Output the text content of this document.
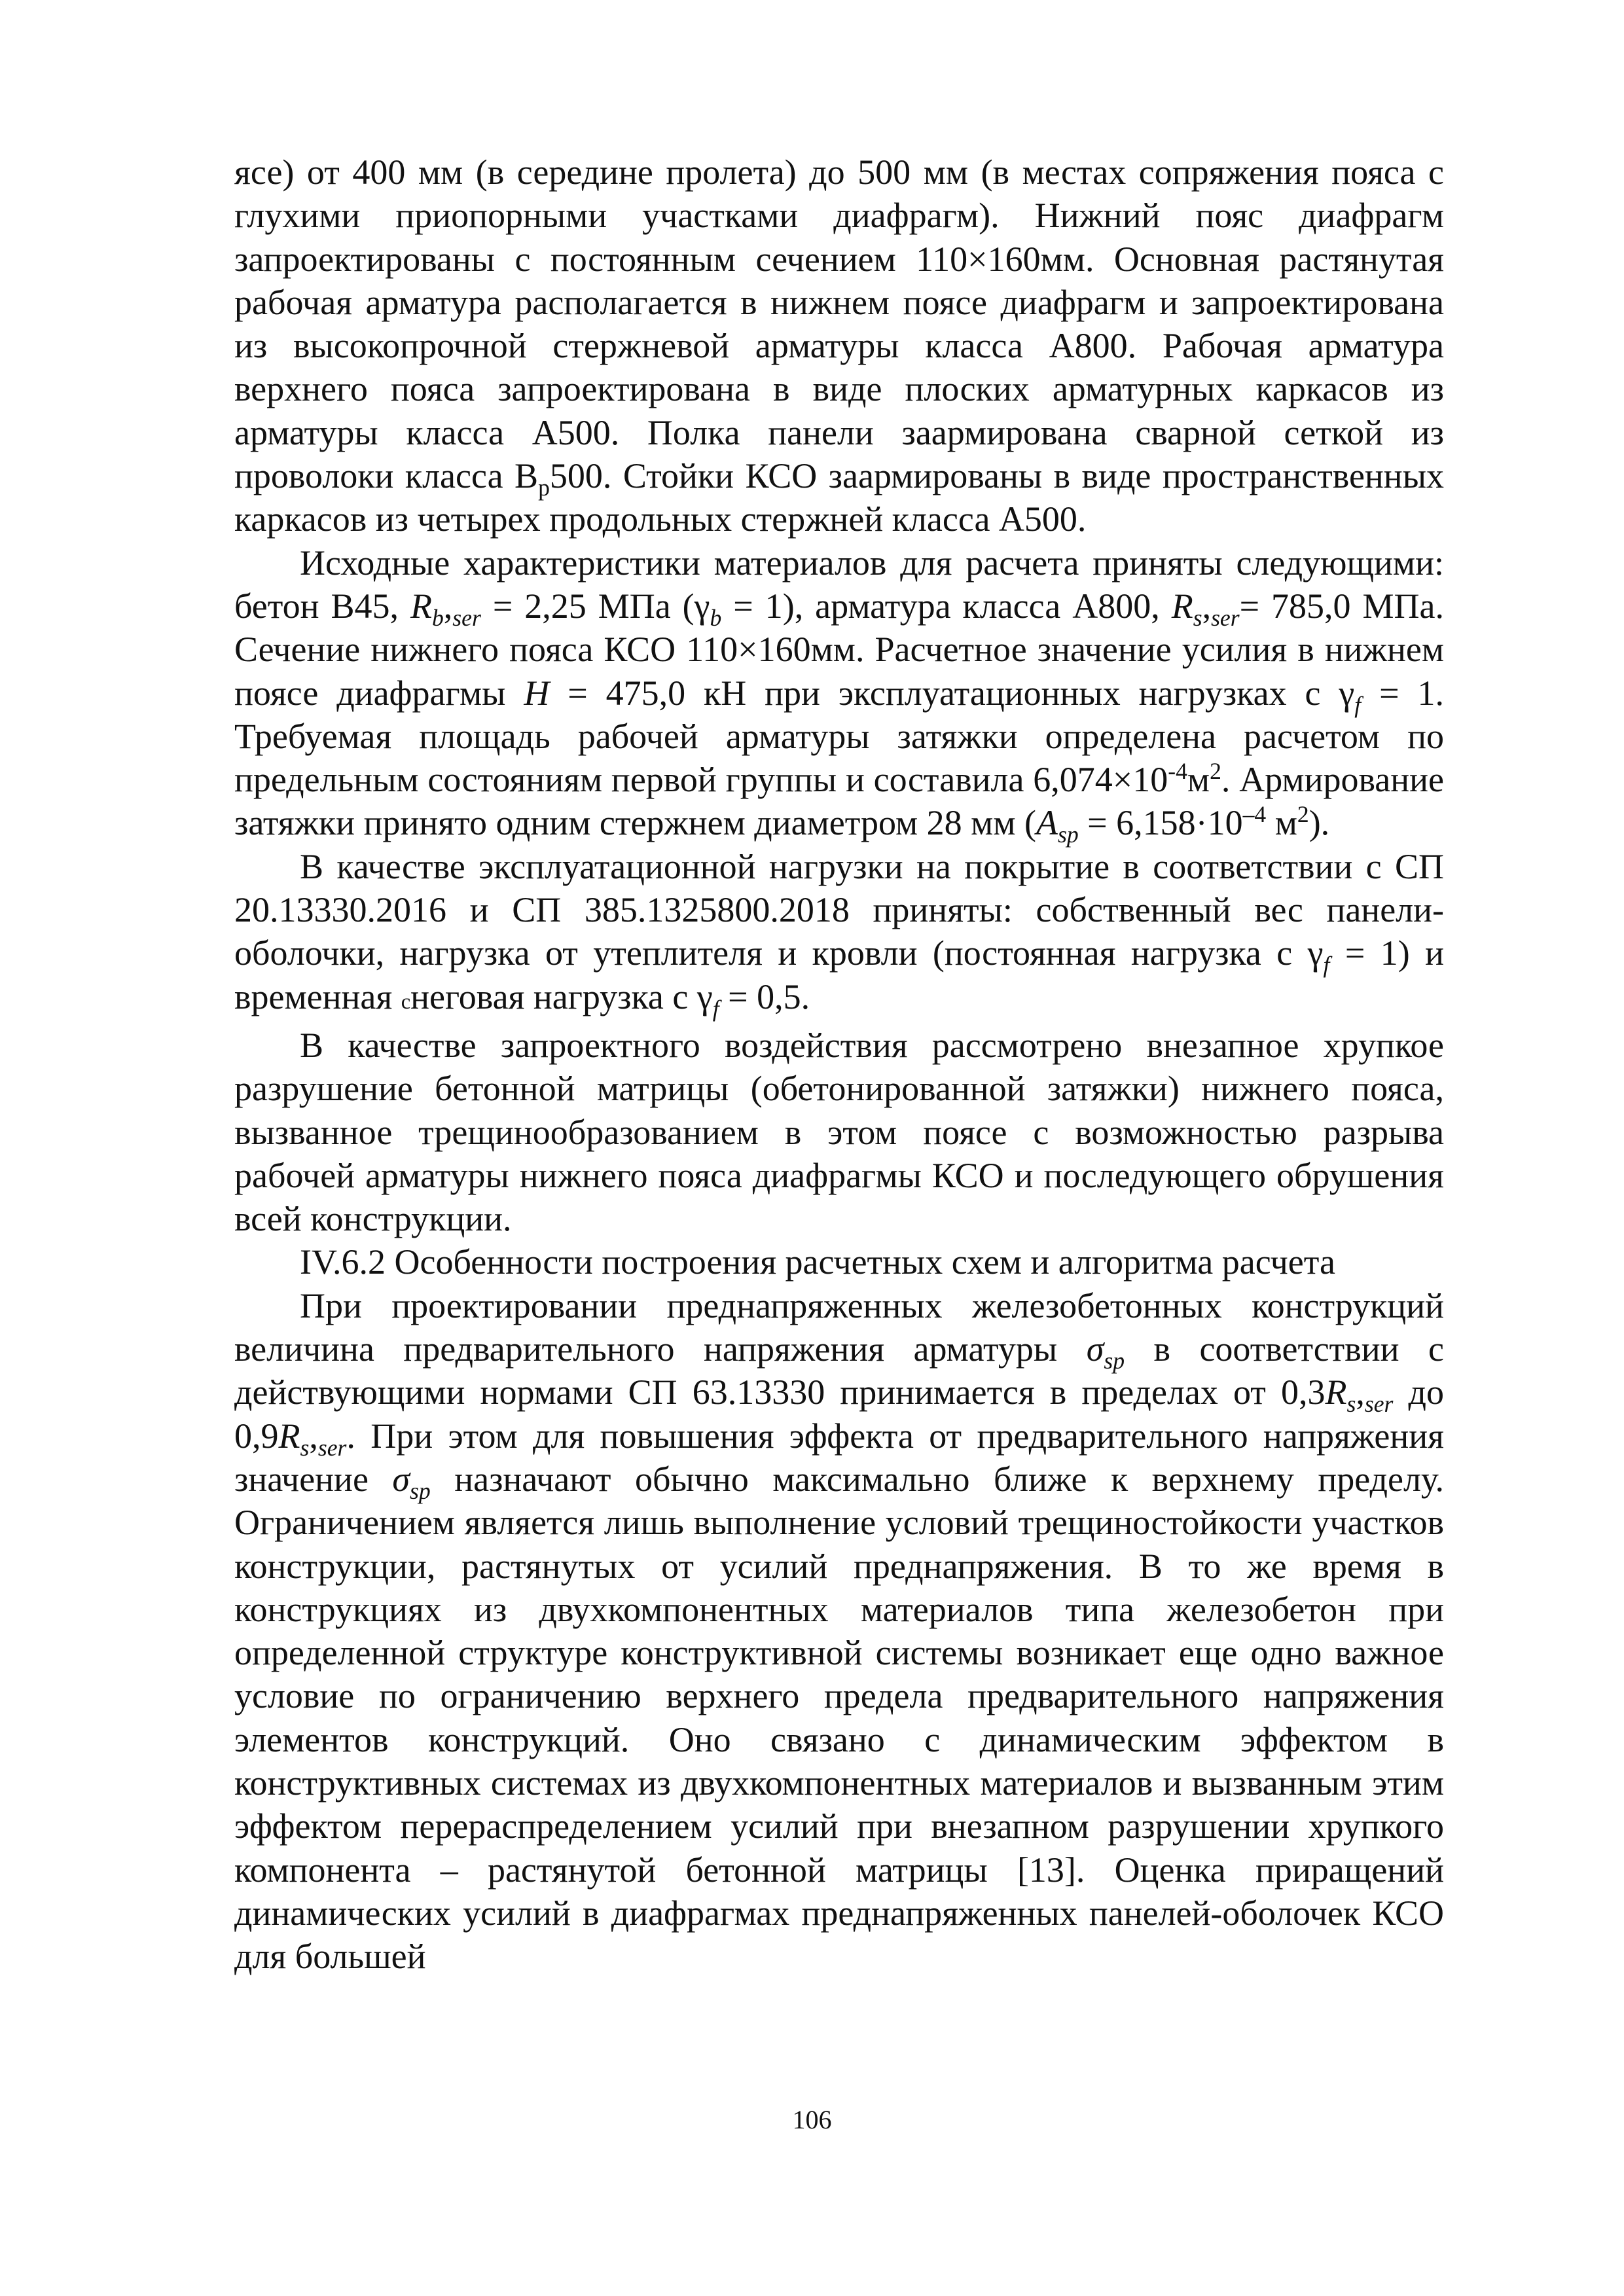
ясе) от 400 мм (в середине пролета) до 500 мм (в местах сопряжения пояса с глухими приопорными участками диафрагм). Нижний пояс диафрагм запроектированы с постоянным сечением 110×160мм. Основная растянутая рабочая арматура располагается в нижнем поясе диафрагм и запроектирована из высокопрочной стержневой арматуры класса А800. Рабочая арматура верхнего пояса запроектирована в виде плоских арматурных каркасов из арматуры класса А500. Полка панели заармирована сварной сеткой из проволоки класса $В_р500$. Стойки КСО заармированы в виде пространственных каркасов из четырех продольных стержней класса А500.

Исходные характеристики материалов для расчета приняты следующими: бетон В45, $R_b,_{ser} = 2,25$ МПа $(\gamma_b = 1)$, арматура класса А800, $R_s,_{ser}= 785,0$ МПа. Сечение нижнего пояса КСО 110×160мм. Расчетное значение усилия в нижнем поясе диафрагмы H = 475,0 кН при эксплуатационных нагрузках с $\gamma_f = 1$. Требуемая площадь рабочей арматуры затяжки определена расчетом по предельным состояниям первой группы и составила $6,074\times 10^{-4}м^2$. Армирование затяжки принято одним стержнем диаметром 28 мм ($A_{sp} = 6,158\cdot 10^{-4}$ $м^2$).

В качестве эксплуатационной нагрузки на покрытие в соответствии с СП 20.13330.2016 и СП 385.1325800.2018 приняты: собственный вес панели-оболочки, нагрузка от утеплителя и кровли (постоянная нагрузка с $\gamma_f = 1$) и временная снеговая нагрузка с $\gamma_f = 0,5$.

В качестве запроектного воздействия рассмотрено внезапное хрупкое разрушение бетонной матрицы (обетонированной затяжки) нижнего пояса, вызванное трещинообразованием в этом поясе с возможностью разрыва рабочей арматуры нижнего пояса диафрагмы КСО и последующего обрушения всей конструкции.

IV.6.2 Особенности построения расчетных схем и алгоритма расчета

При проектировании преднапряженных железобетонных конструкций величина предварительного напряжения арматуры $\sigma_{sp}$ в соответствии с действующими нормами СП 63.13330 принимается в пределах от $0,3R_s,_{ser}$ до $0,9R_s,_{ser}$. При этом для повышения эффекта от предварительного напряжения значение $\sigma_{sp}$ назначают обычно максимально ближе к верхнему пределу. Ограничением является лишь выполнение условий трещиностойкости участков конструкции, растянутых от усилий преднапряжения. В то же время в конструкциях из двухкомпонентных материалов типа железобетон при определенной структуре конструктивной системы возникает еще одно важное условие по ограничению верхнего предела предварительного напряжения элементов конструкций. Оно связано с динамическим эффектом в конструктивных системах из двухкомпонентных материалов и вызванным этим эффектом перераспределением усилий при внезапном разрушении хрупкого компонента – растянутой бетонной матрицы [13]. Оценка приращений динамических усилий в диафрагмах преднапряженных панелей-оболочек КСО для большей

106
